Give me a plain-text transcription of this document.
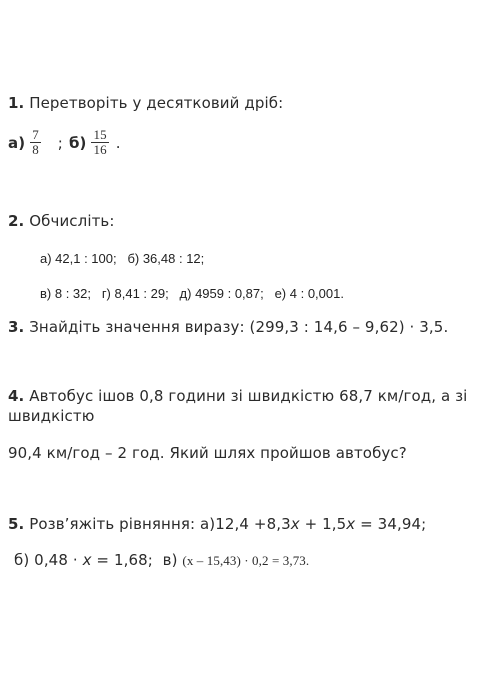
1. Перетворіть у десятковий дріб:
$а) \frac{7}{8}$ ; $б) \frac{15}{16}$ .
2. Обчисліть:
а) 42,1 : 100;   б) 36,48 : 12;
в) 8 : 32;   г) 8,41 : 29;   д) 4959 : 0,87;   е) 4 : 0,001.
3. Знайдіть значення виразу: (299,3 : 14,6 – 9,62) · 3,5.
4. Автобус ішов 0,8 години зі швидкістю 68,7 км/год, а зі
швидкістю
90,4 км/год – 2 год. Який шлях пройшов автобус?
5. Розв’яжіть рівняння: а)12,4 +8,3x + 1,5x = 34,94;
б) 0,48 · x = 1,68;  в) (x – 15,43) · 0,2 = 3,73.
